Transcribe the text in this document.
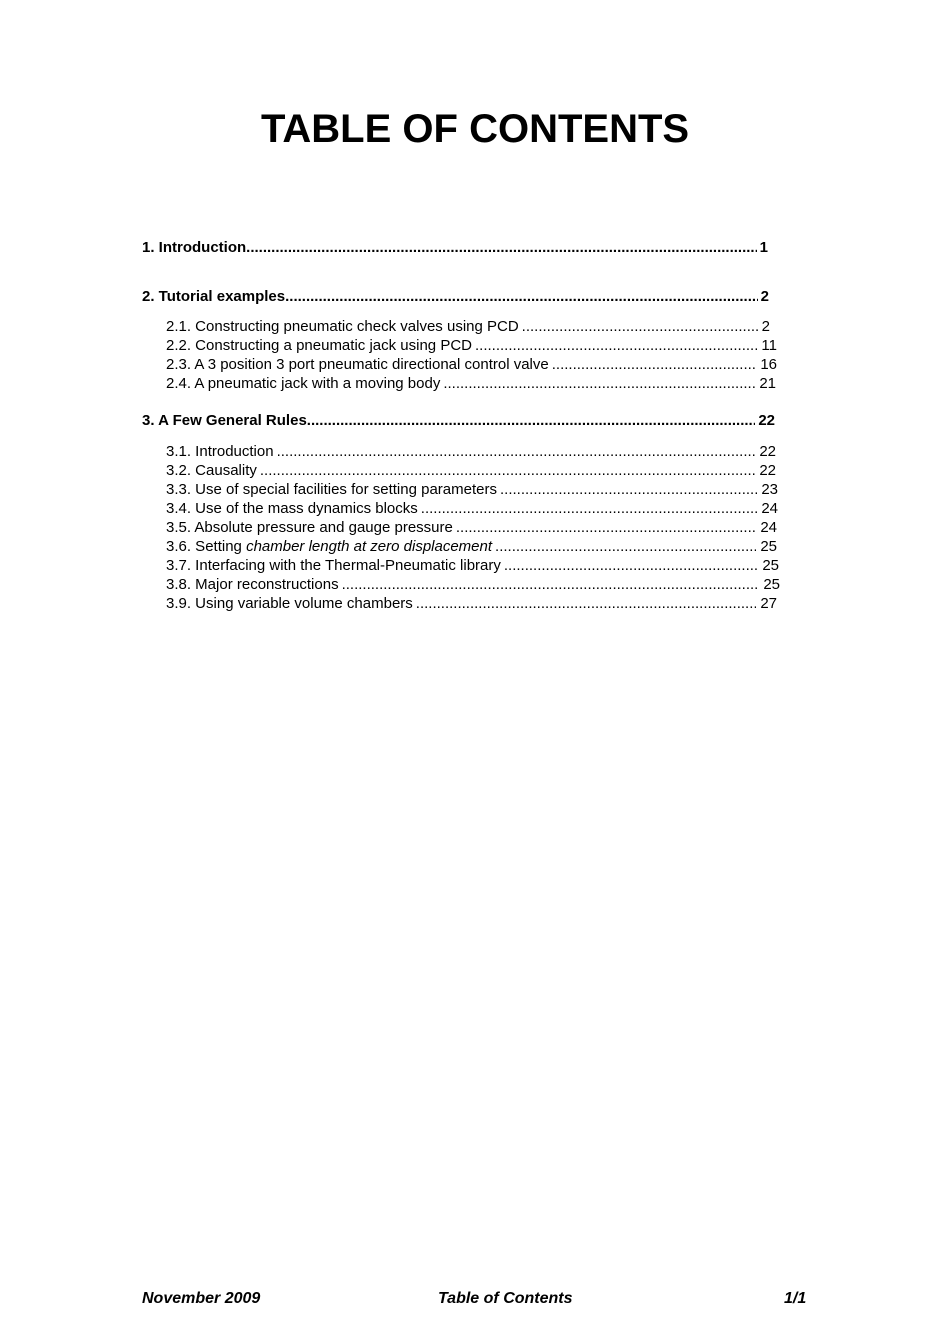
TABLE OF CONTENTS
1. Introduction .....	1
2. Tutorial examples .....	2
2.1. Constructing pneumatic check valves using PCD .....	2
2.2. Constructing a pneumatic jack using PCD .....	11
2.3. A 3 position 3 port pneumatic directional control valve .....	16
2.4. A pneumatic jack with a moving body .....	21
3. A Few General Rules .....	22
3.1. Introduction .....	22
3.2. Causality .....	22
3.3. Use of special facilities for setting parameters .....	23
3.4. Use of the mass dynamics blocks .....	24
3.5. Absolute pressure and gauge pressure .....	24
3.6. Setting chamber length at zero displacement .....	25
3.7. Interfacing with the Thermal-Pneumatic library .....	25
3.8. Major reconstructions .....	25
3.9. Using variable volume chambers .....	27
November 2009	Table of Contents	1/1
